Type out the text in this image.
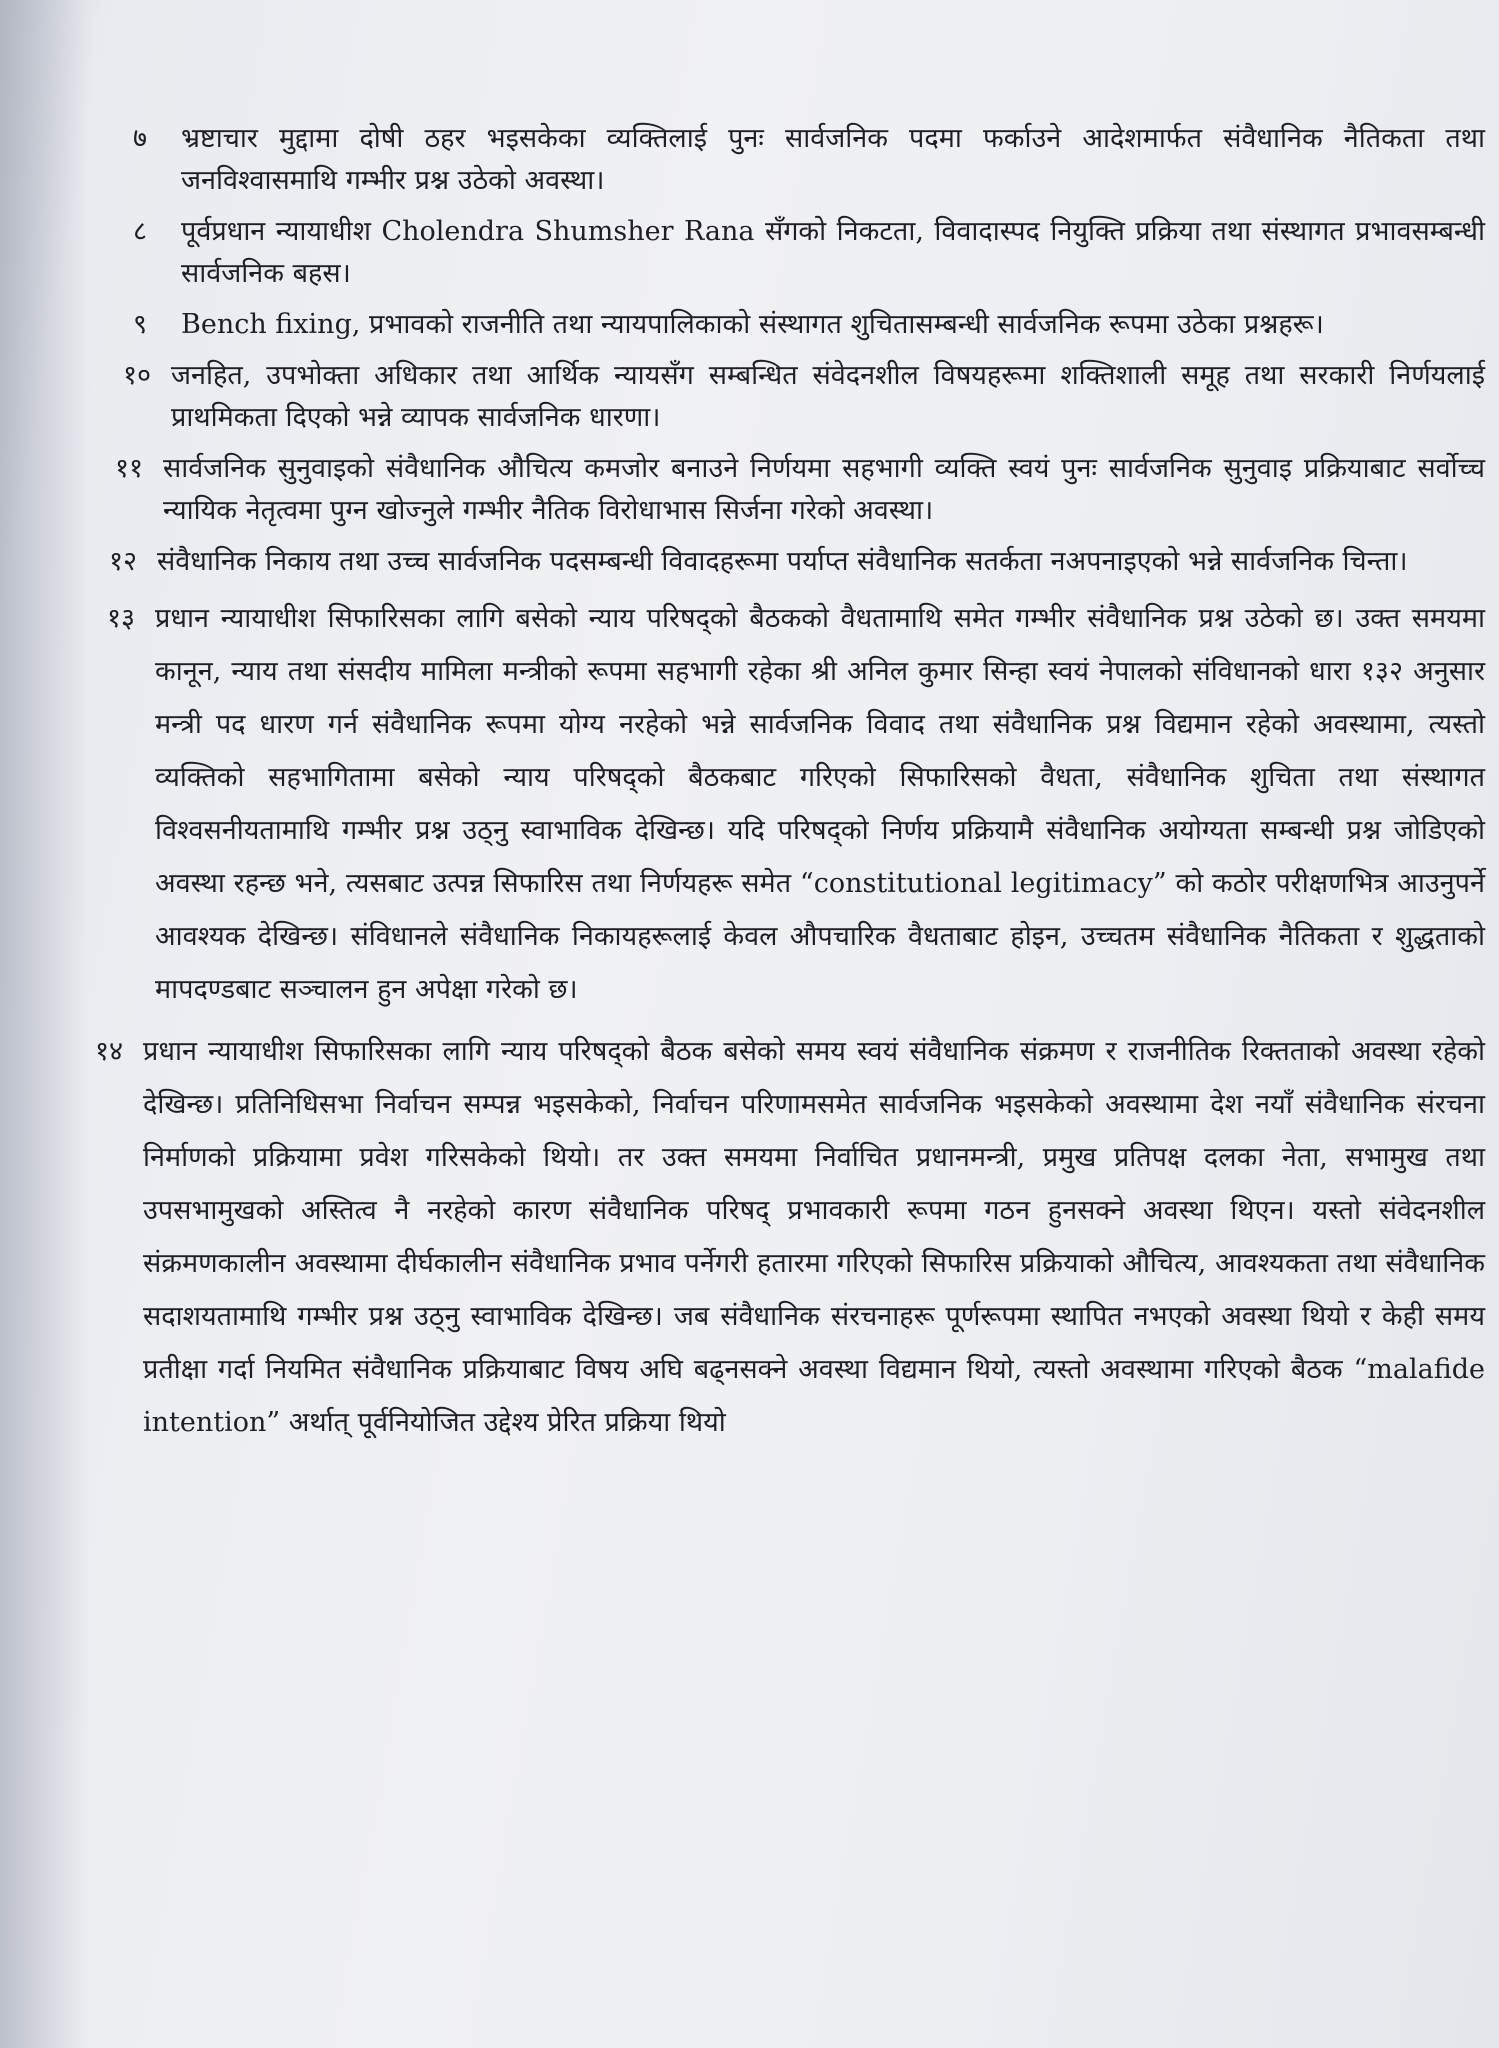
७	भ्रष्टाचार मुद्दामा दोषी ठहर भइसकेका व्यक्तिलाई पुनः सार्वजनिक पदमा फर्काउने आदेशमार्फत संवैधानिक नैतिकता तथा जनविश्वासमाथि गम्भीर प्रश्न उठेको अवस्था।
८	पूर्वप्रधान न्यायाधीश Cholendra Shumsher Rana सँगको निकटता, विवादास्पद नियुक्ति प्रक्रिया तथा संस्थागत प्रभावसम्बन्धी सार्वजनिक बहस।
९	Bench fixing, प्रभावको राजनीति तथा न्यायपालिकाको संस्थागत शुचितासम्बन्धी सार्वजनिक रूपमा उठेका प्रश्नहरू।
१० जनहित, उपभोक्ता अधिकार तथा आर्थिक न्यायसँग सम्बन्धित संवेदनशील विषयहरूमा शक्तिशाली समूह तथा सरकारी निर्णयलाई प्राथमिकता दिएको भन्ने व्यापक सार्वजनिक धारणा।
११ सार्वजनिक सुनुवाइको संवैधानिक औचित्य कमजोर बनाउने निर्णयमा सहभागी व्यक्ति स्वयं पुनः सार्वजनिक सुनुवाइ प्रक्रियाबाट सर्वोच्च न्यायिक नेतृत्वमा पुग्न खोज्नुले गम्भीर नैतिक विरोधाभास सिर्जना गरेको अवस्था।
१२ संवैधानिक निकाय तथा उच्च सार्वजनिक पदसम्बन्धी विवादहरूमा पर्याप्त संवैधानिक सतर्कता नअपनाइएको भन्ने सार्वजनिक चिन्ता।
१३ प्रधान न्यायाधीश सिफारिसका लागि बसेको न्याय परिषद्को बैठकको वैधतामाथि समेत गम्भीर संवैधानिक प्रश्न उठेको छ। उक्त समयमा कानून, न्याय तथा संसदीय मामिला मन्त्रीको रूपमा सहभागी रहेका श्री अनिल कुमार सिन्हा स्वयं नेपालको संविधानको धारा १३२ अनुसार मन्त्री पद धारण गर्न संवैधानिक रूपमा योग्य नरहेको भन्ने सार्वजनिक विवाद तथा संवैधानिक प्रश्न विद्यमान रहेको अवस्थामा, त्यस्तो व्यक्तिको सहभागितामा बसेको न्याय परिषद्को बैठकबाट गरिएको सिफारिसको वैधता, संवैधानिक शुचिता तथा संस्थागत विश्वसनीयतामाथि गम्भीर प्रश्न उठ्नु स्वाभाविक देखिन्छ। यदि परिषद्को निर्णय प्रक्रियामै संवैधानिक अयोग्यता सम्बन्धी प्रश्न जोडिएको अवस्था रहन्छ भने, त्यसबाट उत्पन्न सिफारिस तथा निर्णयहरू समेत “constitutional legitimacy” को कठोर परीक्षणभित्र आउनुपर्ने आवश्यक देखिन्छ। संविधानले संवैधानिक निकायहरूलाई केवल औपचारिक वैधताबाट होइन, उच्चतम संवैधानिक नैतिकता र शुद्धताको मापदण्डबाट सञ्चालन हुन अपेक्षा गरेको छ।
१४ प्रधान न्यायाधीश सिफारिसका लागि न्याय परिषद्को बैठक बसेको समय स्वयं संवैधानिक संक्रमण र राजनीतिक रिक्तताको अवस्था रहेको देखिन्छ। प्रतिनिधिसभा निर्वाचन सम्पन्न भइसकेको, निर्वाचन परिणामसमेत सार्वजनिक भइसकेको अवस्थामा देश नयाँ संवैधानिक संरचना निर्माणको प्रक्रियामा प्रवेश गरिसकेको थियो। तर उक्त समयमा निर्वाचित प्रधानमन्त्री, प्रमुख प्रतिपक्ष दलका नेता, सभामुख तथा उपसभामुखको अस्तित्व नै नरहेको कारण संवैधानिक परिषद् प्रभावकारी रूपमा गठन हुनसक्ने अवस्था थिएन। यस्तो संवेदनशील संक्रमणकालीन अवस्थामा दीर्घकालीन संवैधानिक प्रभाव पर्नेगरी हतारमा गरिएको सिफारिस प्रक्रियाको औचित्य, आवश्यकता तथा संवैधानिक सदाशयतामाथि गम्भीर प्रश्न उठ्नु स्वाभाविक देखिन्छ। जब संवैधानिक संरचनाहरू पूर्णरूपमा स्थापित नभएको अवस्था थियो र केही समय प्रतीक्षा गर्दा नियमित संवैधानिक प्रक्रियाबाट विषय अघि बढ्नसक्ने अवस्था विद्यमान थियो, त्यस्तो अवस्थामा गरिएको बैठक “malafide intention” अर्थात् पूर्वनियोजित उद्देश्य प्रेरित प्रक्रिया थियो
